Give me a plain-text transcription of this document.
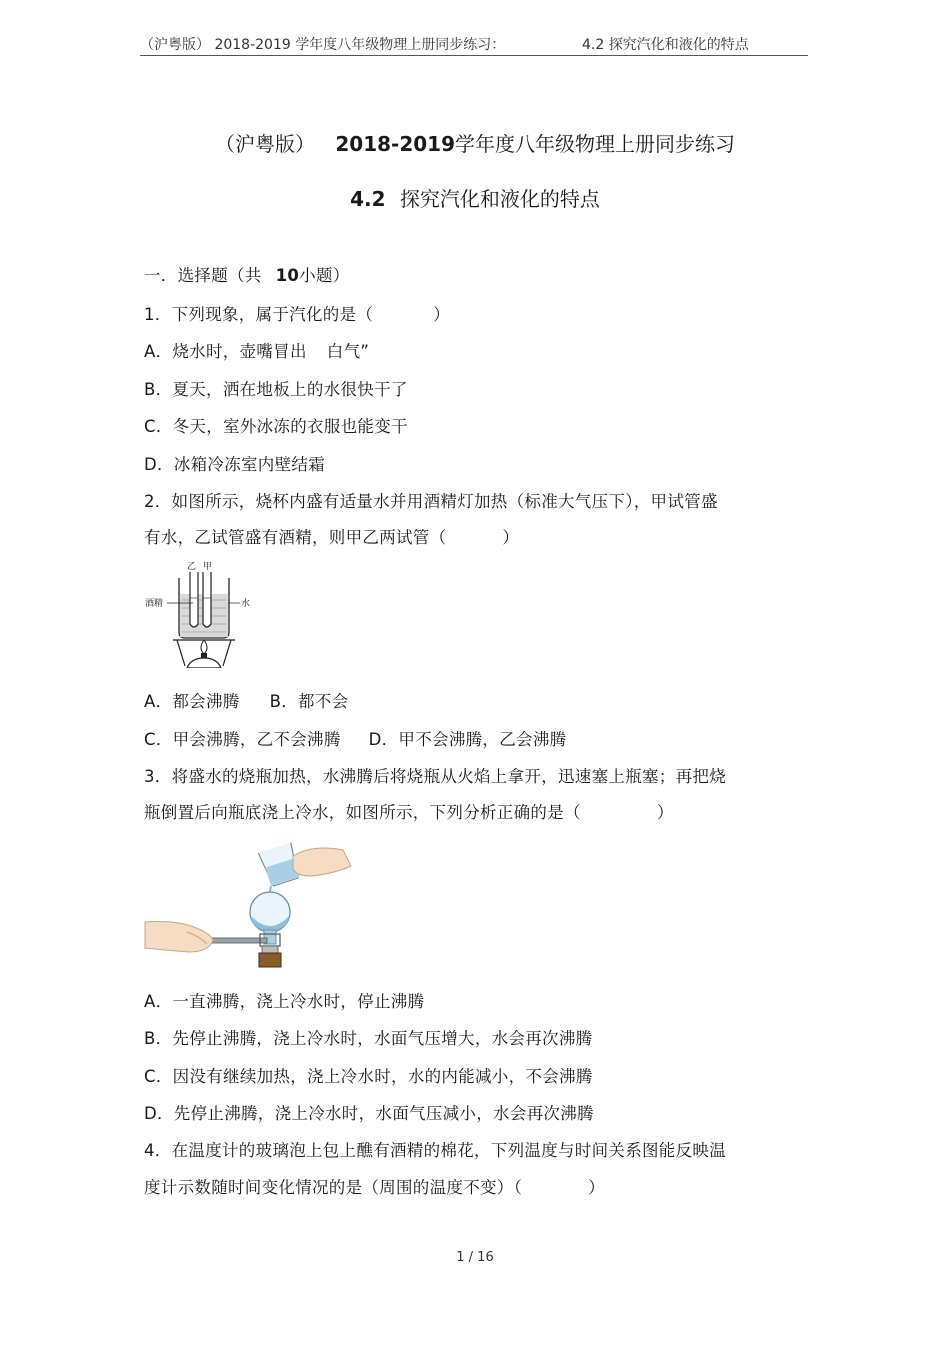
（沪粤版） 2018-2019 学年度八年级物理上册同步练习：	4.2 探究汽化和液化的特点
（沪粤版） 2018-2019学年度八年级物理上册同步练习
4.2 探究汽化和液化的特点
一．选择题（共 10小题）
1．下列现象，属于汽化的是（	）
A．烧水时，壶嘴冒出 白气”
B．夏天，洒在地板上的水很快干了
C．冬天，室外冰冻的衣服也能变干
D．冰箱冷冻室内壁结霜
2．如图所示，烧杯内盛有适量水并用酒精灯加热（标准大气压下），甲试管盛
有水，乙试管盛有酒精，则甲乙两试管（	）
乙 甲
酒精	水
A．都会沸腾 B．都不会
C．甲会沸腾，乙不会沸腾 D．甲不会沸腾，乙会沸腾
3．将盛水的烧瓶加热，水沸腾后将烧瓶从火焰上拿开，迅速塞上瓶塞；再把烧
瓶倒置后向瓶底浇上冷水，如图所示，下列分析正确的是（	）
A．一直沸腾，浇上冷水时，停止沸腾
B．先停止沸腾，浇上冷水时，水面气压增大，水会再次沸腾
C．因没有继续加热，浇上冷水时，水的内能减小，不会沸腾
D．先停止沸腾，浇上冷水时，水面气压减小，水会再次沸腾
4．在温度计的玻璃泡上包上醮有酒精的棉花，下列温度与时间关系图能反映温
度计示数随时间变化情况的是（周围的温度不变）（	）
1 / 16
